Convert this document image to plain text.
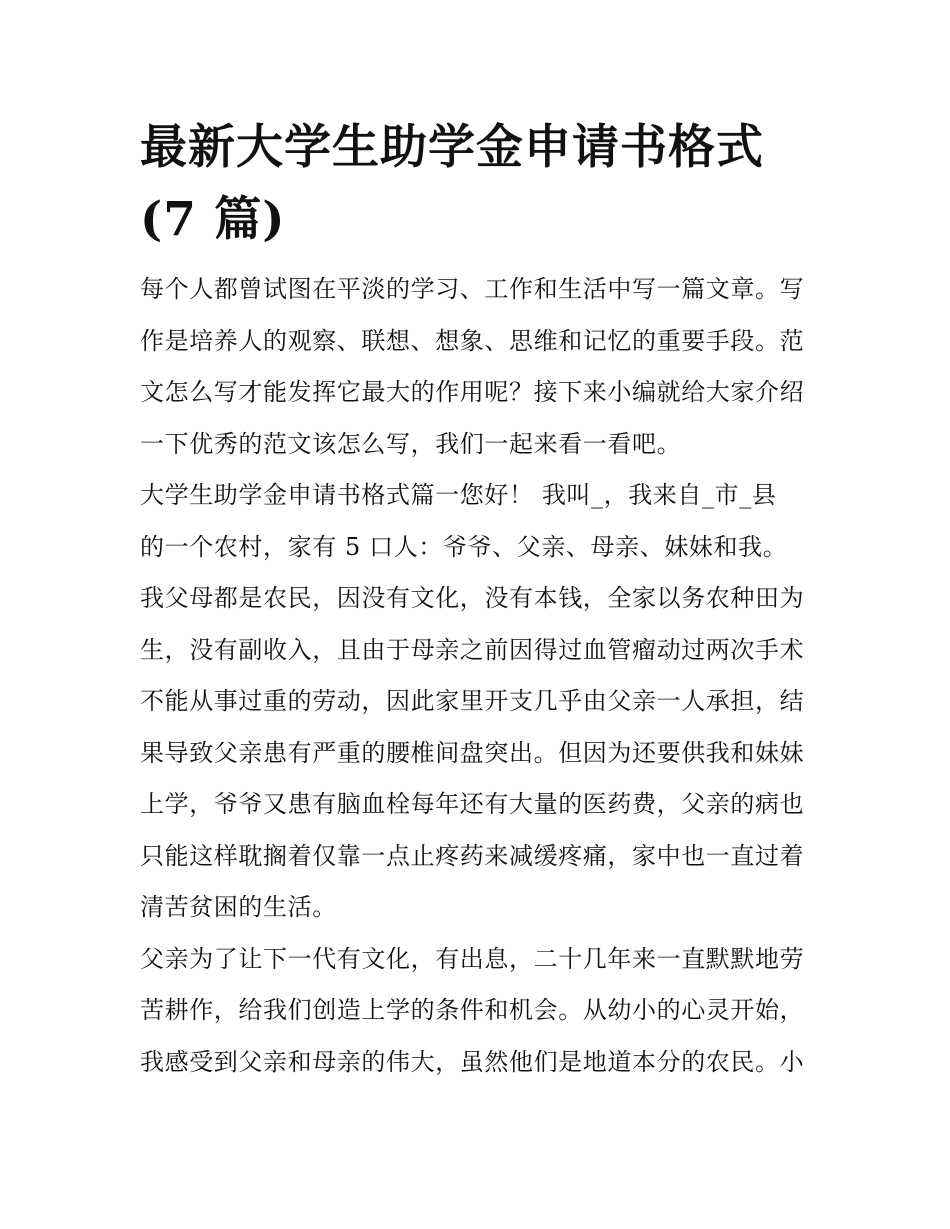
最新大学生助学金申请书格式
(7 篇)

每个人都曾试图在平淡的学习、工作和生活中写一篇文章。写
作是培养人的观察、联想、想象、思维和记忆的重要手段。范
文怎么写才能发挥它最大的作用呢？接下来小编就给大家介绍
一下优秀的范文该怎么写，我们一起来看一看吧。

大学生助学金申请书格式篇一您好！ 我叫_，我来自_市_县
的一个农村，家有 5 口人：爷爷、父亲、母亲、妹妹和我。

我父母都是农民，因没有文化，没有本钱，全家以务农种田为
生，没有副收入，且由于母亲之前因得过血管瘤动过两次手术
不能从事过重的劳动，因此家里开支几乎由父亲一人承担，结
果导致父亲患有严重的腰椎间盘突出。但因为还要供我和妹妹
上学，爷爷又患有脑血栓每年还有大量的医药费，父亲的病也
只能这样耽搁着仅靠一点止疼药来减缓疼痛，家中也一直过着
清苦贫困的生活。

父亲为了让下一代有文化，有出息，二十几年来一直默默地劳
苦耕作，给我们创造上学的条件和机会。从幼小的心灵开始，
我感受到父亲和母亲的伟大，虽然他们是地道本分的农民。小
